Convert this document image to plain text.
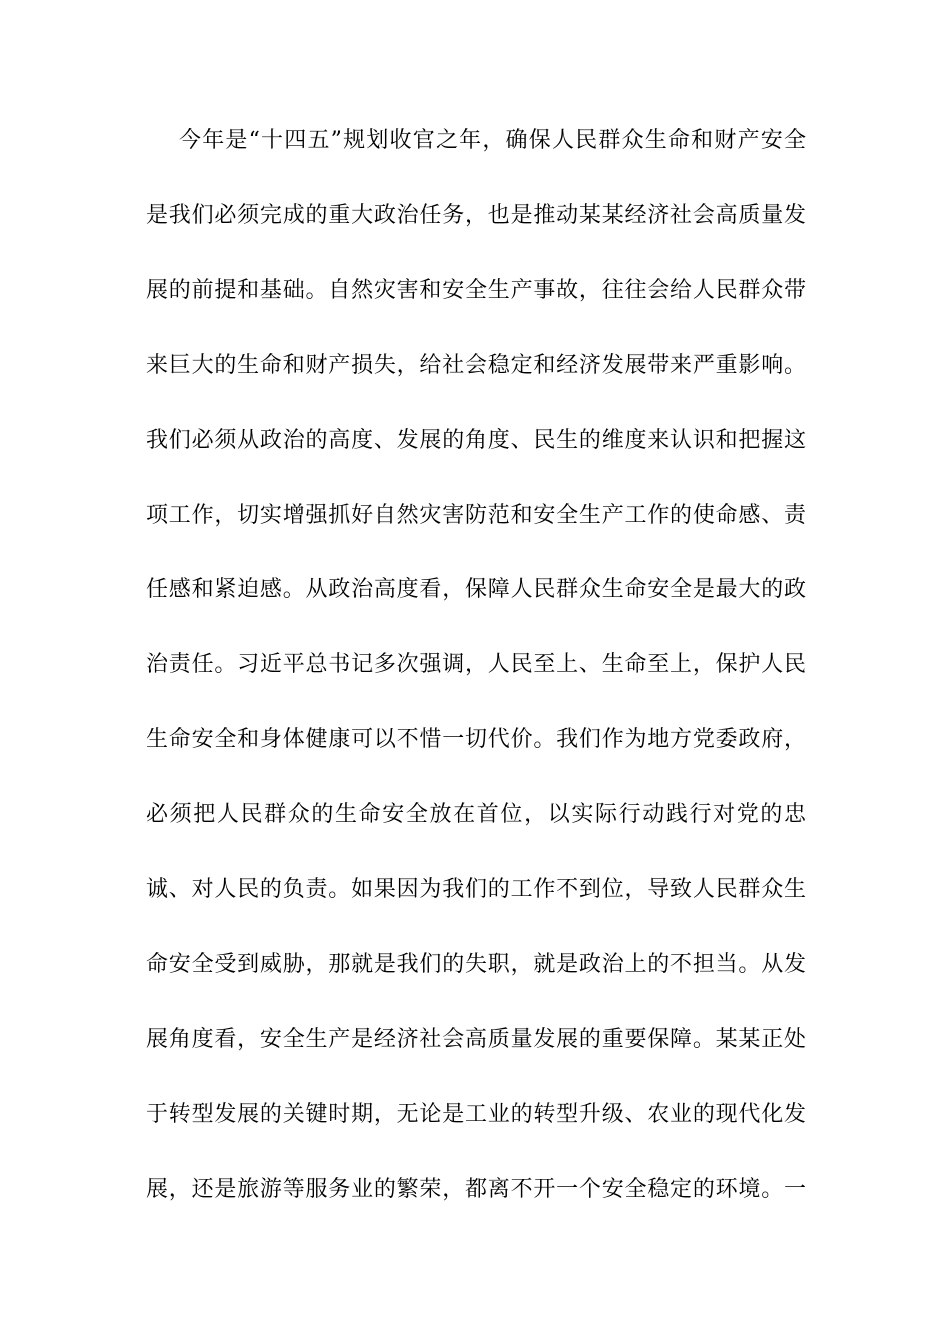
今年是“十四五”规划收官之年，确保人民群众生命和财产安全
是我们必须完成的重大政治任务，也是推动某某经济社会高质量发
展的前提和基础。自然灾害和安全生产事故，往往会给人民群众带
来巨大的生命和财产损失，给社会稳定和经济发展带来严重影响。
我们必须从政治的高度、发展的角度、民生的维度来认识和把握这
项工作，切实增强抓好自然灾害防范和安全生产工作的使命感、责
任感和紧迫感。从政治高度看，保障人民群众生命安全是最大的政
治责任。习近平总书记多次强调，人民至上、生命至上，保护人民
生命安全和身体健康可以不惜一切代价。我们作为地方党委政府，
必须把人民群众的生命安全放在首位，以实际行动践行对党的忠
诚、对人民的负责。如果因为我们的工作不到位，导致人民群众生
命安全受到威胁，那就是我们的失职，就是政治上的不担当。从发
展角度看，安全生产是经济社会高质量发展的重要保障。某某正处
于转型发展的关键时期，无论是工业的转型升级、农业的现代化发
展，还是旅游等服务业的繁荣，都离不开一个安全稳定的环境。一
